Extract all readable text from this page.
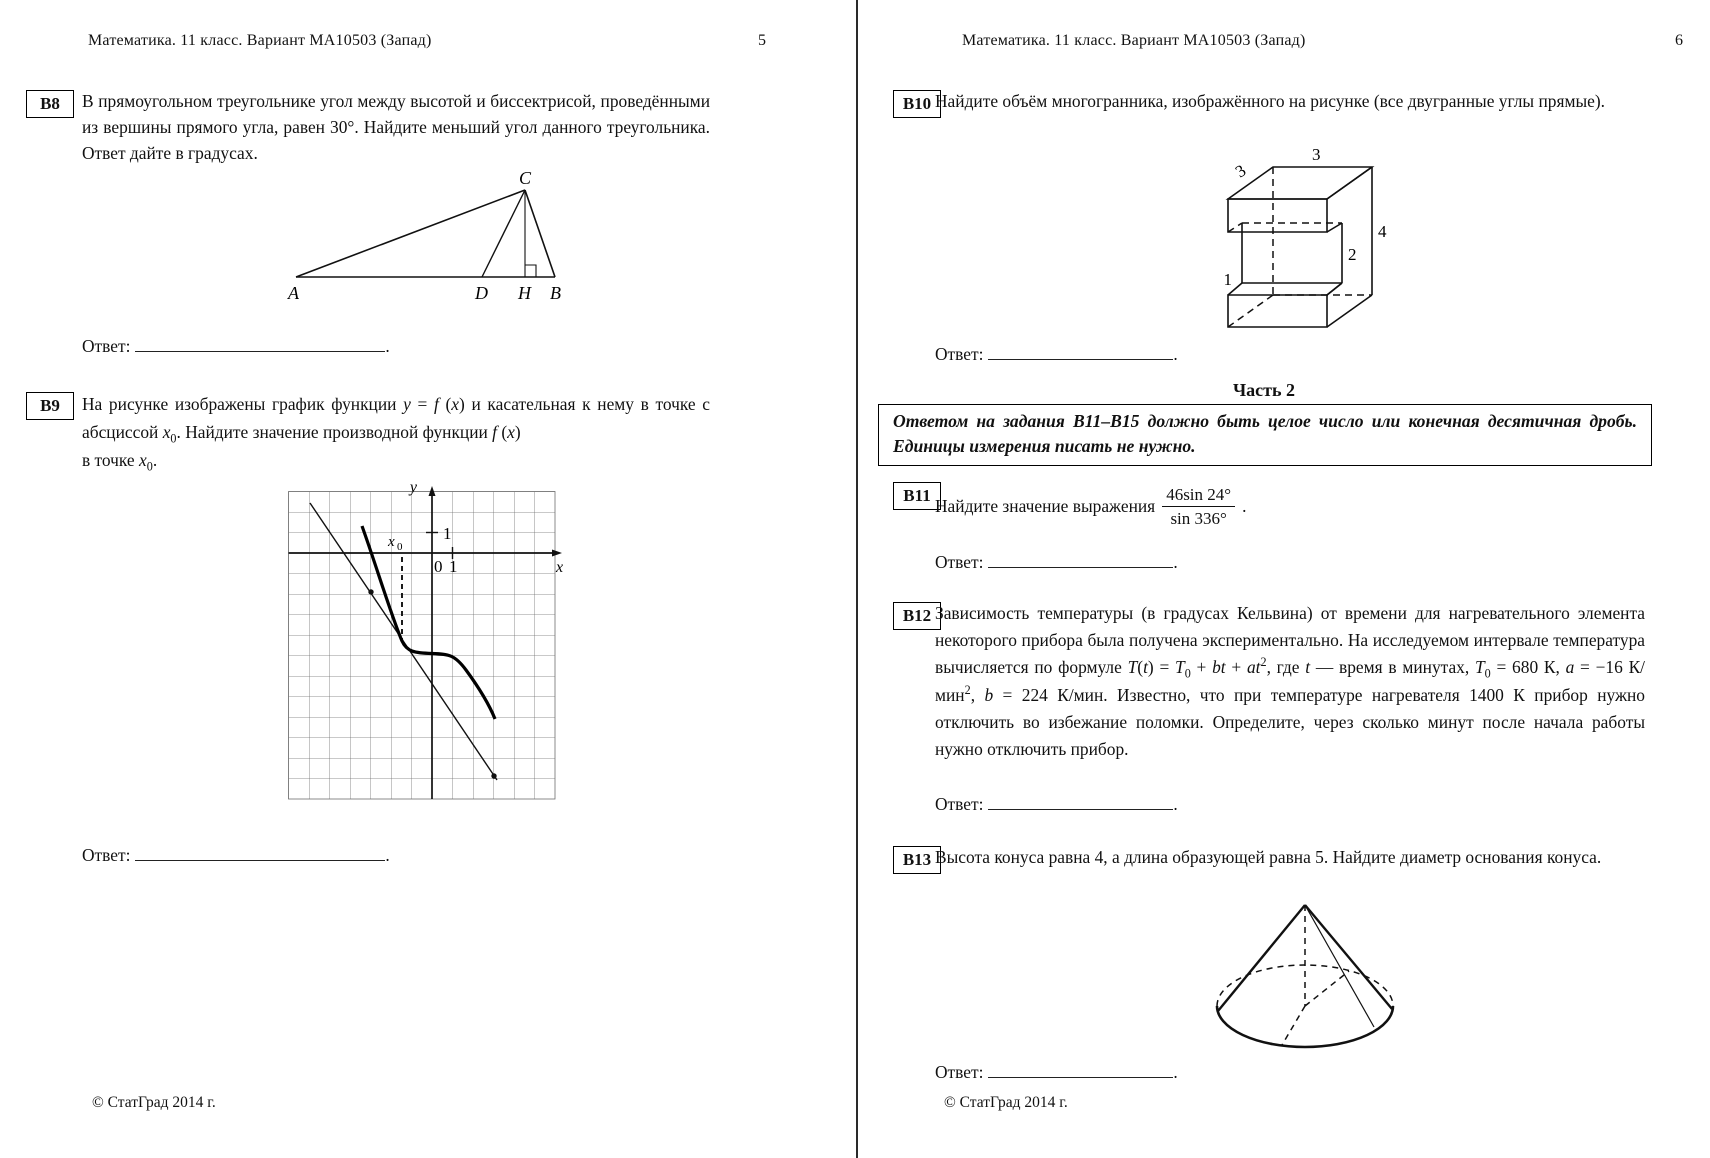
Математика. 11 класс. Вариант МА10503 (Запад)	5
В8	В прямоугольном треугольнике угол между высотой и биссектрисой, проведёнными из вершины прямого угла, равен 30°. Найдите меньший угол данного треугольника. Ответ дайте в градусах.

A	D H B
C
Ответ:	.
В9	На рисунке изображены график функции y = f (x) и касательная к нему в точке с абсциссой $x_0$. Найдите значение производной функции f (x)

в точке $x_0$.

1
0 1
y
x
x 0
Ответ:	.
© СтатГрад 2014 г.
Математика. 11 класс. Вариант МА10503 (Запад)	6
В10 Найдите объём многогранника, изображённого на рисунке (все двугранные углы прямые).

3
3
4
2
1
Ответ:	.
Часть 2
Ответом на задания В11–В15 должно быть целое число или конечная десятичная дробь. Единицы измерения писать не нужно.
В11 Найдите значение выражения $\frac{46\sin 24^\circ}{\sin 336^\circ}$ .
Ответ:	.
В12 Зависимость температуры (в градусах Кельвина) от времени для нагревательного элемента некоторого прибора была получена экспериментально. На исследуемом интервале температура вычисляется по формуле $T(t) = T_0$ + bt + $at^2$, где t — время в минутах, $T_0 = 680$ К, a = −16 К/мин$^2$, b = 224 К/мин. Известно, что при температуре нагревателя 1400 К прибор нужно отключить во избежание поломки. Определите, через сколько минут после начала работы нужно отключить прибор.

Ответ:	.
В13 Высота конуса равна 4, а длина образующей равна 5. Найдите диаметр основания конуса.

Ответ:	.
© СтатГрад 2014 г.
